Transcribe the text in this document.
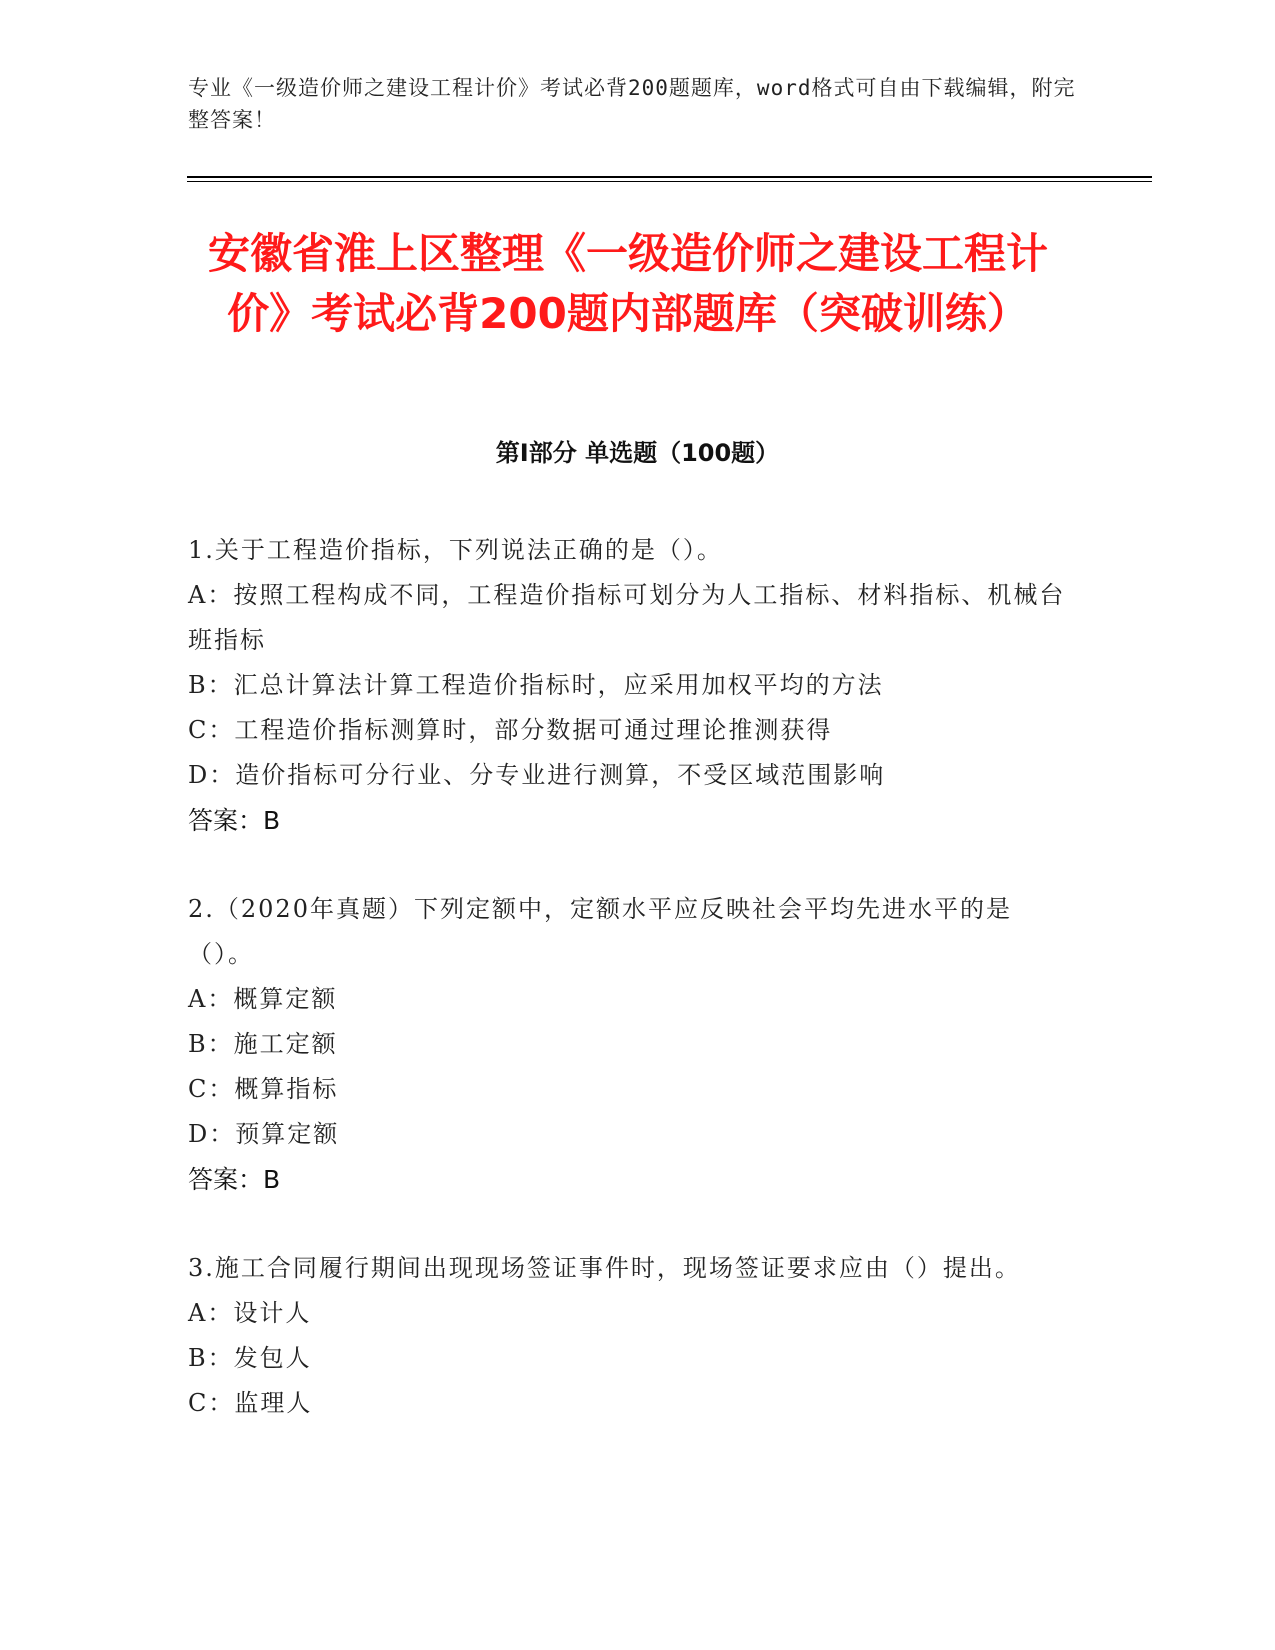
专业《一级造价师之建设工程计价》考试必背200题题库，word格式可自由下载编辑，附完整答案！
安徽省淮上区整理《一级造价师之建设工程计价》考试必背200题内部题库（突破训练）
第I部分 单选题（100题）
1.关于工程造价指标，下列说法正确的是（）。
A：按照工程构成不同，工程造价指标可划分为人工指标、材料指标、机械台班指标
B：汇总计算法计算工程造价指标时，应采用加权平均的方法
C：工程造价指标测算时，部分数据可通过理论推测获得
D：造价指标可分行业、分专业进行测算，不受区域范围影响
答案：B
2.（2020年真题）下列定额中，定额水平应反映社会平均先进水平的是（）。
A：概算定额
B：施工定额
C：概算指标
D：预算定额
答案：B
3.施工合同履行期间出现现场签证事件时，现场签证要求应由（）提出。
A：设计人
B：发包人
C：监理人
